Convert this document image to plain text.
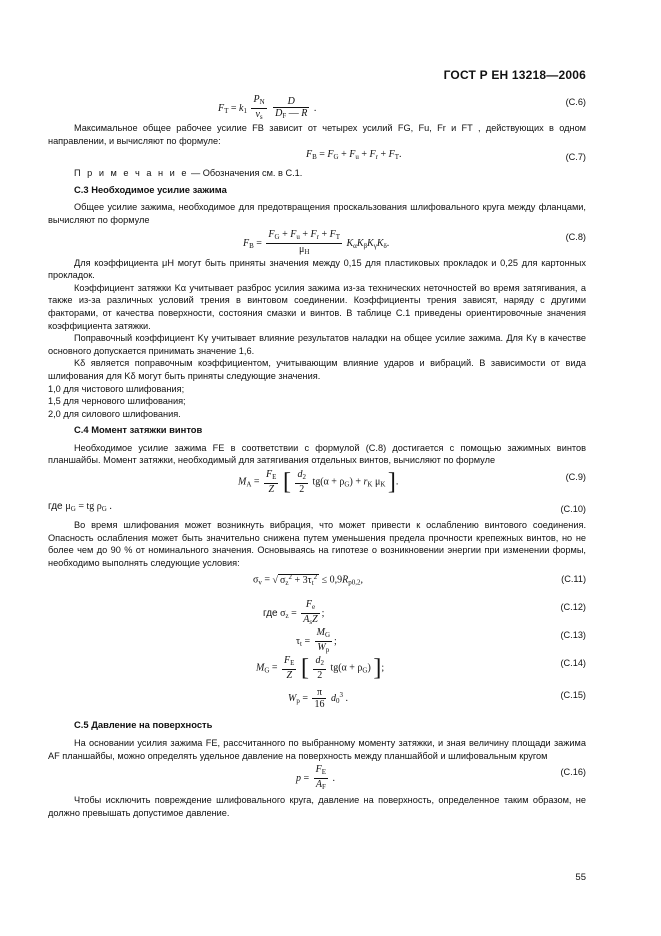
ГОСТ Р ЕН 13218—2006
$F_T = k_1 \frac{P_N}{v_s}$
$\frac{D}{D_F — R}$ .
(C.6)

Максимальное общее рабочее усилие FB зависит от четырех усилий FG, Fu, Fr и FT , действующих в одном направлении, и вычисляют по формуле:

$F_B = F_G + F_u + F_r + F_T$.	(C.7)

П р и м е ч а н и е — Обозначения см. в C.1.

C.3 Необходимое усилие зажима

Общее усилие зажима, необходимое для предотвращения проскальзования шлифовального круга между фланцами, вычисляют по формуле

$F_B = \frac{F_G + F_u + F_r + F_T}{\mu_H} K_\alpha K_\beta K_\gamma K_\delta$.
(C.8)

Для коэффициента μH могут быть приняты значения между 0,15 для пластиковых прокладок и 0,25 для картонных прокладок.

Коэффициент затяжки Kα учитывает разброс усилия зажима из-за технических неточностей во время затягивания, а также из-за различных условий трения в винтовом соединении. Коэффициенты трения зависят, наряду с другими факторами, от качества поверхности, состояния смазки и винтов. В таблице C.1 приведены ориентировочные значения коэффициента затяжки.

Поправочный коэффициент Kγ учитывает влияние результатов наладки на общее усилие зажима. Для Kγ в качестве основного допускается принимать значение 1,6.

Kδ является поправочным коэффициентом, учитывающим влияние ударов и вибраций. В зависимости от вида шлифования для Kδ могут быть приняты следующие значения.

1,0 для чистового шлифования;

1,5 для чернового шлифования;

2,0 для силового шлифования.

C.4 Момент затяжки винтов

Необходимое усилие зажима FE в соответствии с формулой (C.8) достигается с помощью зажимных винтов планшайбы. Момент затяжки, необходимый для затягивания отдельных винтов, вычисляют по формуле

$M_A = \frac{F_E}{Z}$ [ $\frac{d_2}{2} tg(\alpha + \rho_G) + r_K$ $\mu_K$ ].	(C.9)
где $\mu_G$ = tg $\rho_G$ .	(C.10)

Во время шлифования может возникнуть вибрация, что может привести к ослаблению винтового соединения. Опасность ослабления может быть значительно снижена путем уменьшения предела прочности крепежных винтов, но не более чем до 90 % от номинального значения. Основываясь на гипотезе о возникновении энергии при изменении формы, необходимо выполнять следующие условия:

$\sigma_v$ = √ $\sigma_z^2 + 3\tau_t^2 \le 0,9R_{p0,2}$,	(C.11)
где $\sigma_z = \frac{F_e}{A_sZ}$ ;
(C.12)
$\tau_t = \frac{M_G}{W_p}$ ;
(C.13)
$M_G = \frac{F_E}{Z}$ [ $\frac{d_2}{2} tg(\alpha + \rho_G)$ ];	(C.14)
$W_p = \frac{\pi}{16} d_0^3$ .	(C.15)
C.5 Давление на поверхность

На основании усилия зажима FE, рассчитанного по выбранному моменту затяжки, и зная величину площади зажима AF планшайбы, можно определять удельное давление на поверхность между планшайбой и шлифовальным кругом

$p = \frac{F_E}{A_F}$ .
(C.16)

Чтобы исключить повреждение шлифовального круга, давление на поверхность, определенное таким образом, не должно превышать допустимое давление.

55
